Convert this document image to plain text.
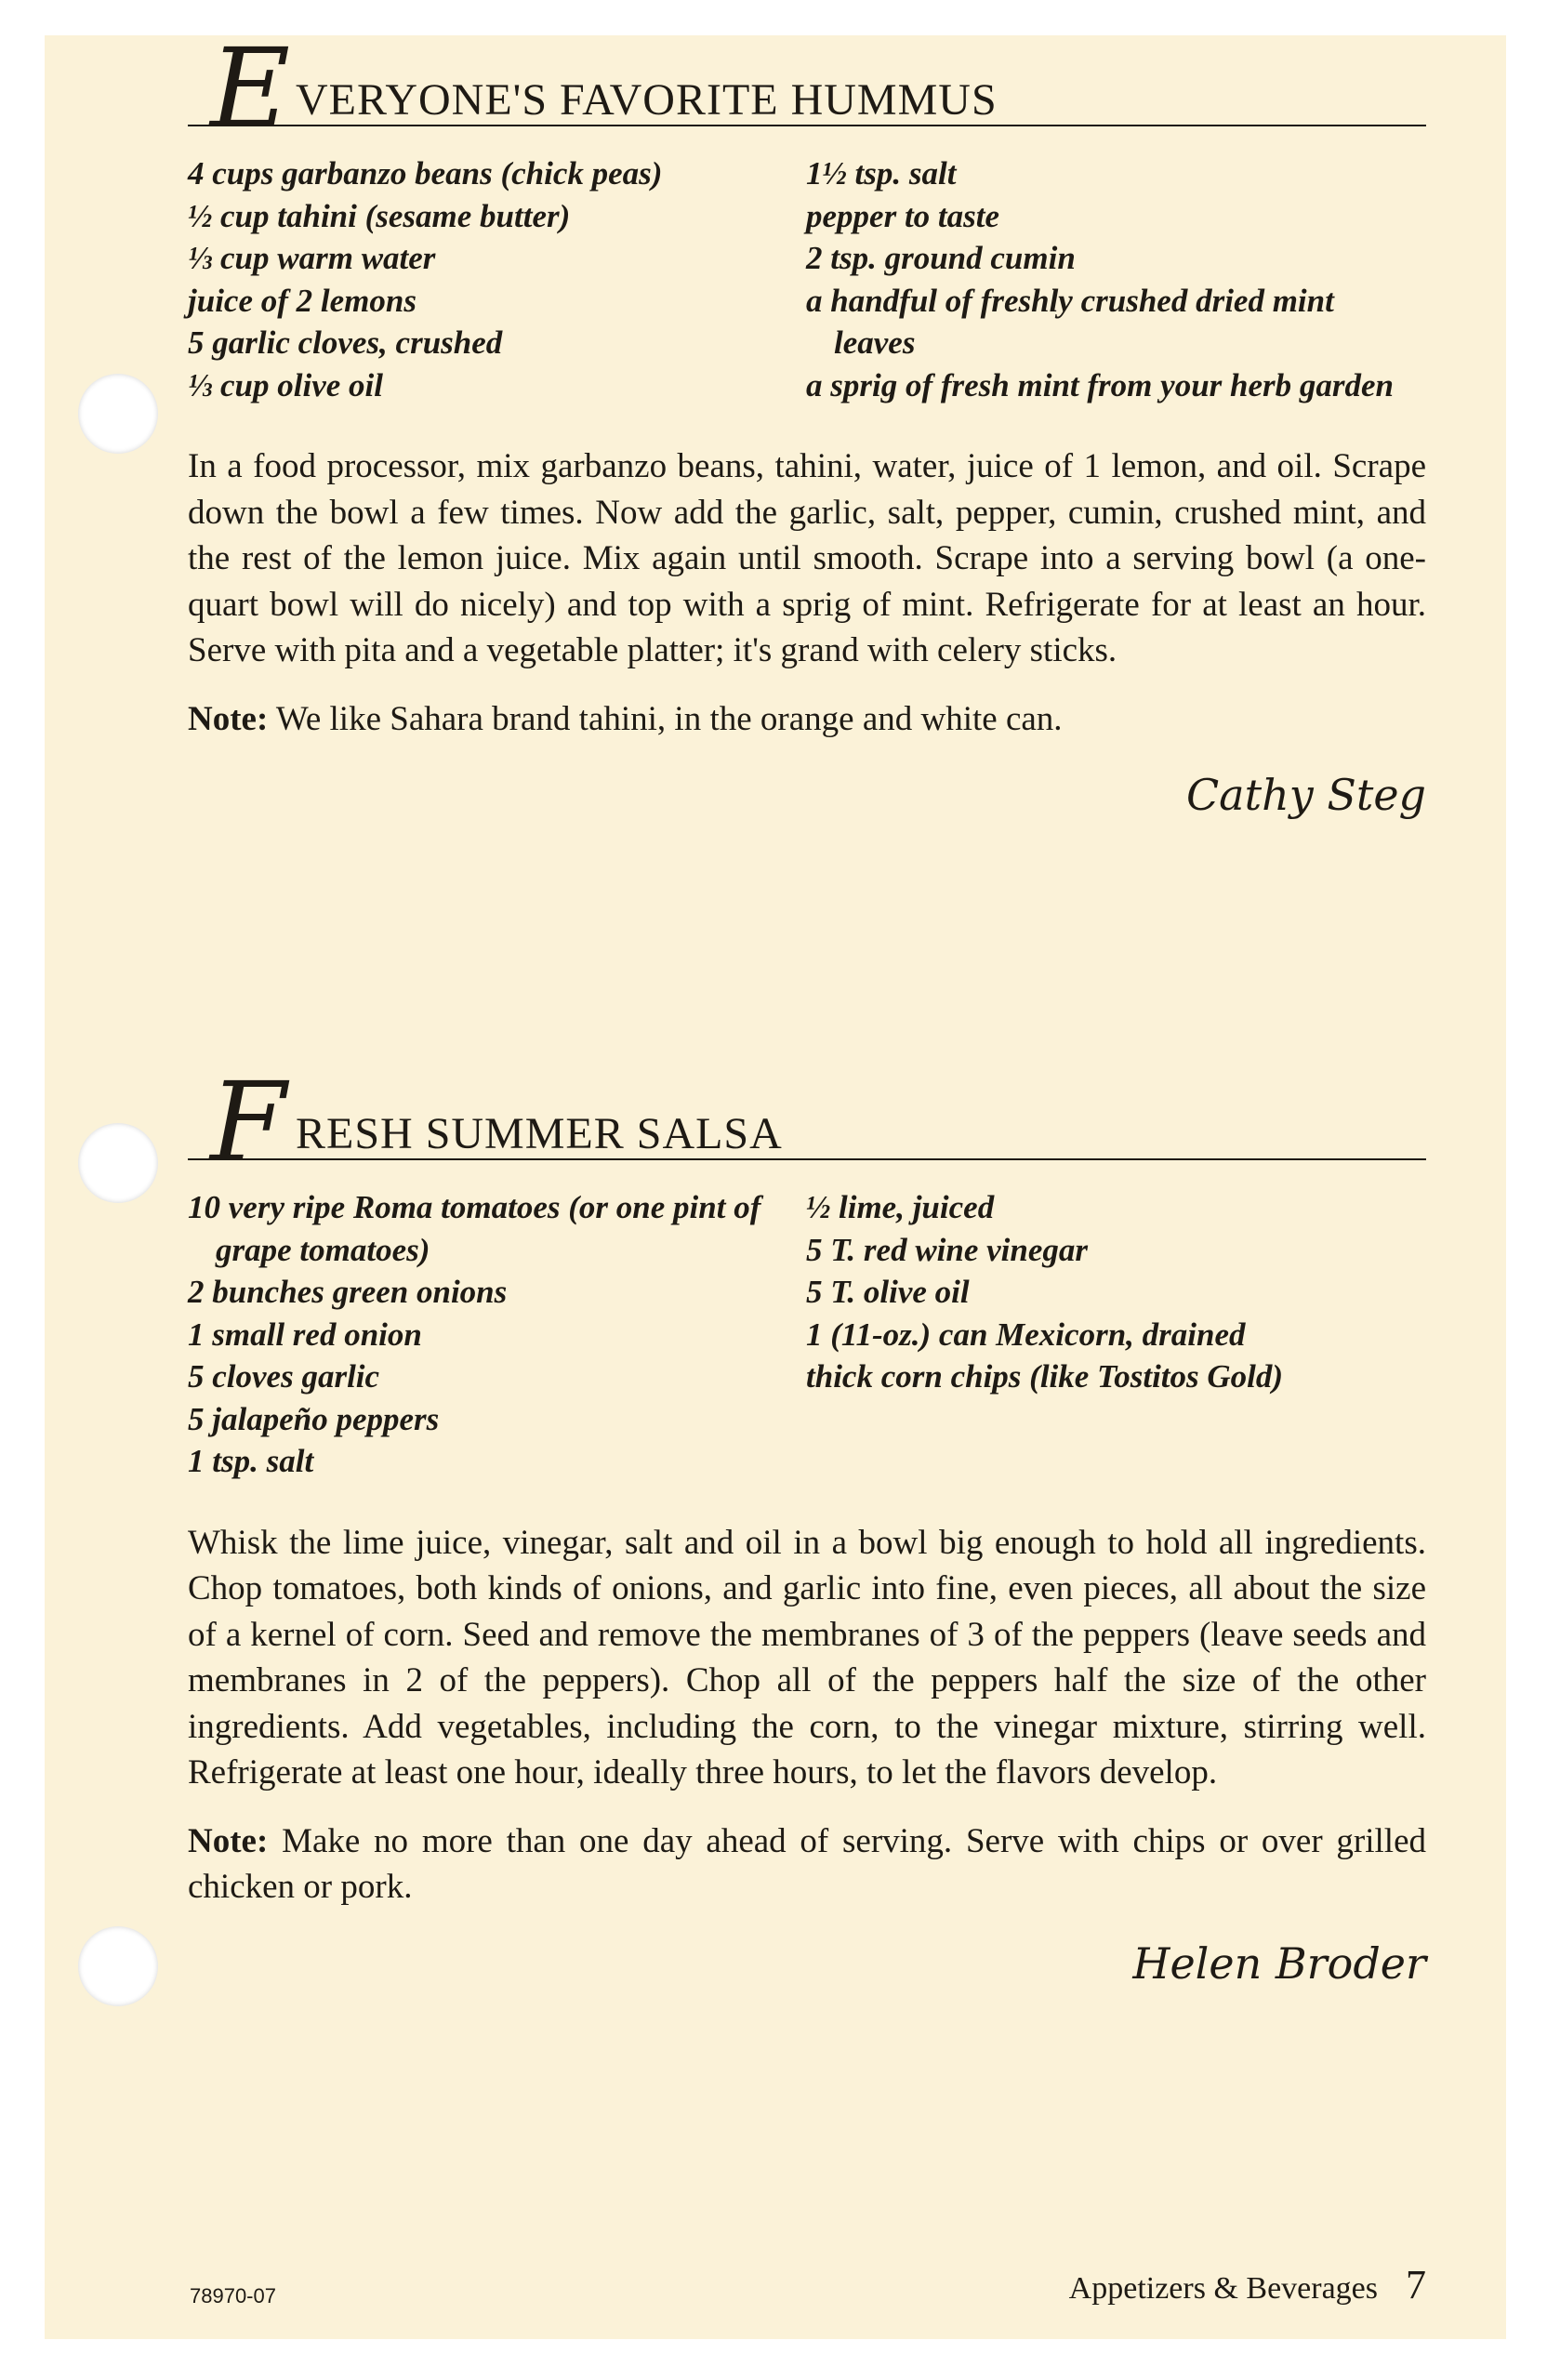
E VERYONE'S FAVORITE HUMMUS
4 cups garbanzo beans (chick peas)
½ cup tahini (sesame butter)
⅓ cup warm water
juice of 2 lemons
5 garlic cloves, crushed
⅓ cup olive oil
1½ tsp. salt
pepper to taste
2 tsp. ground cumin
a handful of freshly crushed dried mint leaves
a sprig of fresh mint from your herb garden

In a food processor, mix garbanzo beans, tahini, water, juice of 1 lemon, and oil. Scrape down the bowl a few times. Now add the garlic, salt, pepper, cumin, crushed mint, and the rest of the lemon juice. Mix again until smooth. Scrape into a serving bowl (a one-quart bowl will do nicely) and top with a sprig of mint. Refrigerate for at least an hour. Serve with pita and a vegetable platter; it's grand with celery sticks.

Note: We like Sahara brand tahini, in the orange and white can.

Cathy Steg
F RESH SUMMER SALSA
10 very ripe Roma tomatoes (or one pint of grape tomatoes)
2 bunches green onions
1 small red onion
5 cloves garlic
5 jalapeño peppers
1 tsp. salt
½ lime, juiced
5 T. red wine vinegar
5 T. olive oil
1 (11-oz.) can Mexicorn, drained
thick corn chips (like Tostitos Gold)

Whisk the lime juice, vinegar, salt and oil in a bowl big enough to hold all ingredients. Chop tomatoes, both kinds of onions, and garlic into fine, even pieces, all about the size of a kernel of corn. Seed and remove the membranes of 3 of the peppers (leave seeds and membranes in 2 of the peppers). Chop all of the peppers half the size of the other ingredients. Add vegetables, including the corn, to the vinegar mixture, stirring well. Refrigerate at least one hour, ideally three hours, to let the flavors develop.

Note: Make no more than one day ahead of serving. Serve with chips or over grilled chicken or pork.

Helen Broder
78970-07	Appetizers & Beverages 7
